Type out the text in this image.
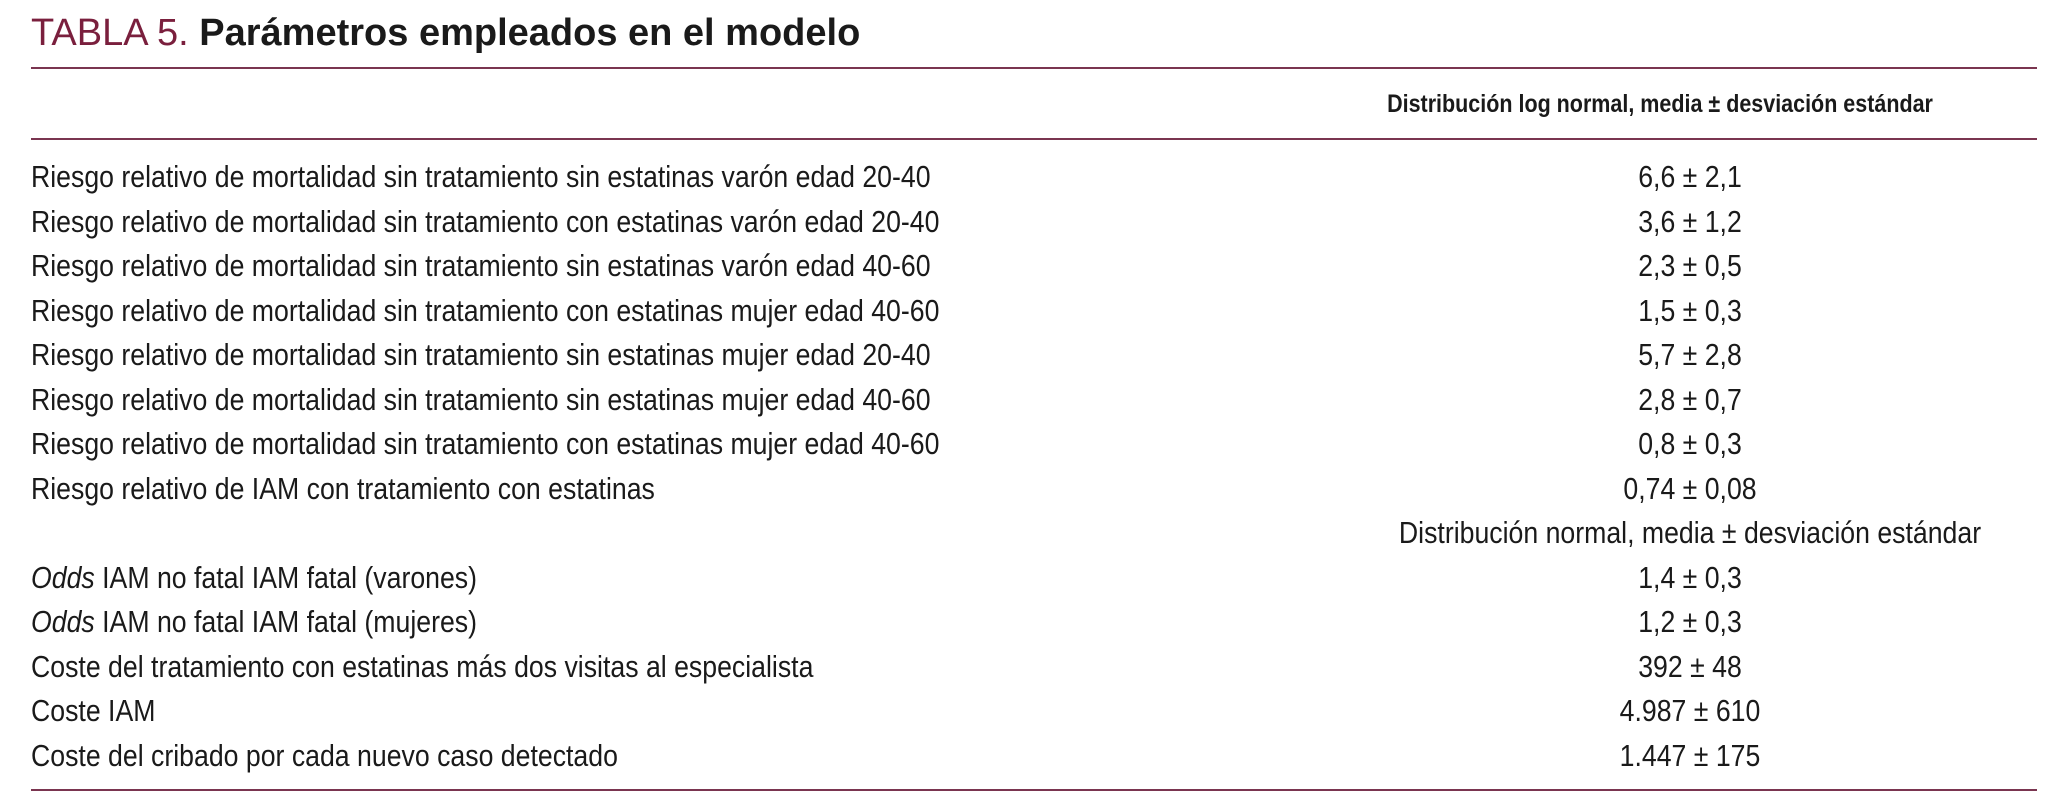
TABLA 5. Parámetros empleados en el modelo
Distribución log normal, media ± desviación estándar
Riesgo relativo de mortalidad sin tratamiento sin estatinas varón edad 20-40	6,6 ± 2,1
Riesgo relativo de mortalidad sin tratamiento con estatinas varón edad 20-40	3,6 ± 1,2
Riesgo relativo de mortalidad sin tratamiento sin estatinas varón edad 40-60	2,3 ± 0,5
Riesgo relativo de mortalidad sin tratamiento con estatinas mujer edad 40-60	1,5 ± 0,3
Riesgo relativo de mortalidad sin tratamiento sin estatinas mujer edad 20-40	5,7 ± 2,8
Riesgo relativo de mortalidad sin tratamiento sin estatinas mujer edad 40-60	2,8 ± 0,7
Riesgo relativo de mortalidad sin tratamiento con estatinas mujer edad 40-60	0,8 ± 0,3
Riesgo relativo de IAM con tratamiento con estatinas	0,74 ± 0,08
Distribución normal, media ± desviación estándar
Odds IAM no fatal IAM fatal (varones)	1,4 ± 0,3
Odds IAM no fatal IAM fatal (mujeres)	1,2 ± 0,3
Coste del tratamiento con estatinas más dos visitas al especialista	392 ± 48
Coste IAM	4.987 ± 610
Coste del cribado por cada nuevo caso detectado	1.447 ± 175
